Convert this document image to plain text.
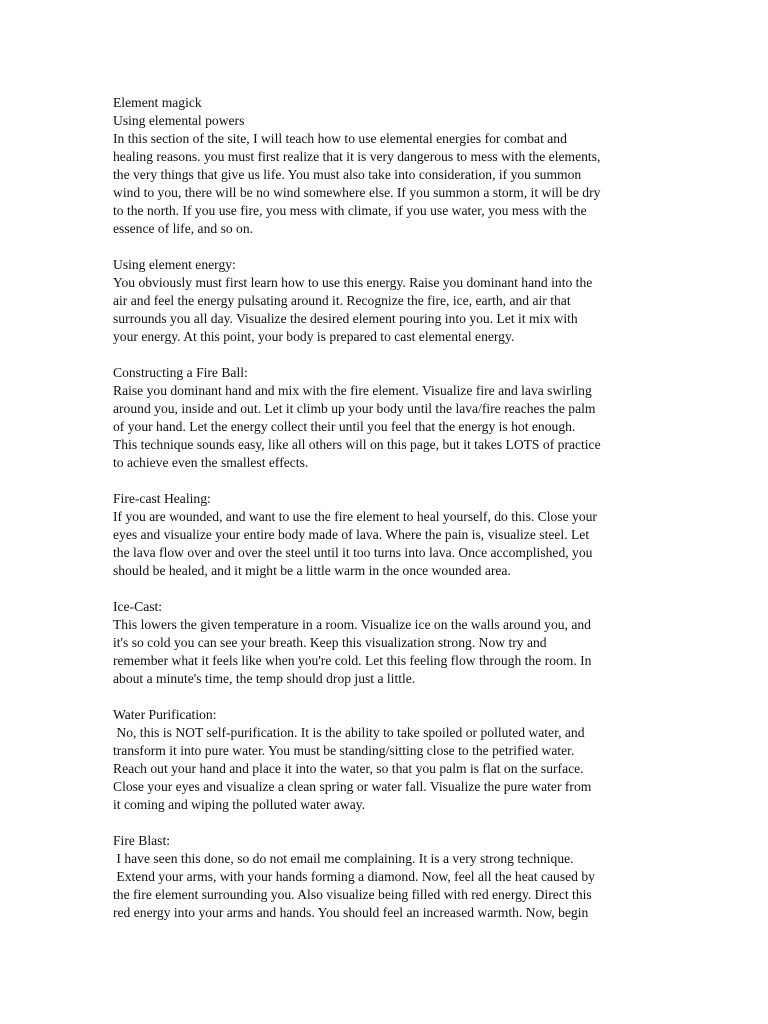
Element magick
Using elemental powers
In this section of the site, I will teach how to use elemental energies for combat and
healing reasons. you must first realize that it is very dangerous to mess with the elements,
the very things that give us life. You must also take into consideration, if you summon
wind to you, there will be no wind somewhere else. If you summon a storm, it will be dry
to the north. If you use fire, you mess with climate, if you use water, you mess with the
essence of life, and so on.
Using element energy:
You obviously must first learn how to use this energy. Raise you dominant hand into the
air and feel the energy pulsating around it. Recognize the fire, ice, earth, and air that
surrounds you all day. Visualize the desired element pouring into you. Let it mix with
your energy. At this point, your body is prepared to cast elemental energy.
Constructing a Fire Ball:
Raise you dominant hand and mix with the fire element. Visualize fire and lava swirling
around you, inside and out. Let it climb up your body until the lava/fire reaches the palm
of your hand. Let the energy collect their until you feel that the energy is hot enough.
This technique sounds easy, like all others will on this page, but it takes LOTS of practice
to achieve even the smallest effects.
Fire-cast Healing:
If you are wounded, and want to use the fire element to heal yourself, do this. Close your
eyes and visualize your entire body made of lava. Where the pain is, visualize steel. Let
the lava flow over and over the steel until it too turns into lava. Once accomplished, you
should be healed, and it might be a little warm in the once wounded area.
Ice-Cast:
This lowers the given temperature in a room. Visualize ice on the walls around you, and
it's so cold you can see your breath. Keep this visualization strong. Now try and
remember what it feels like when you're cold. Let this feeling flow through the room. In
about a minute's time, the temp should drop just a little.
Water Purification:
No, this is NOT self-purification. It is the ability to take spoiled or polluted water, and
transform it into pure water. You must be standing/sitting close to the petrified water.
Reach out your hand and place it into the water, so that you palm is flat on the surface.
Close your eyes and visualize a clean spring or water fall. Visualize the pure water from
it coming and wiping the polluted water away.
Fire Blast:
I have seen this done, so do not email me complaining. It is a very strong technique.
Extend your arms, with your hands forming a diamond. Now, feel all the heat caused by
the fire element surrounding you. Also visualize being filled with red energy. Direct this
red energy into your arms and hands. You should feel an increased warmth. Now, begin
